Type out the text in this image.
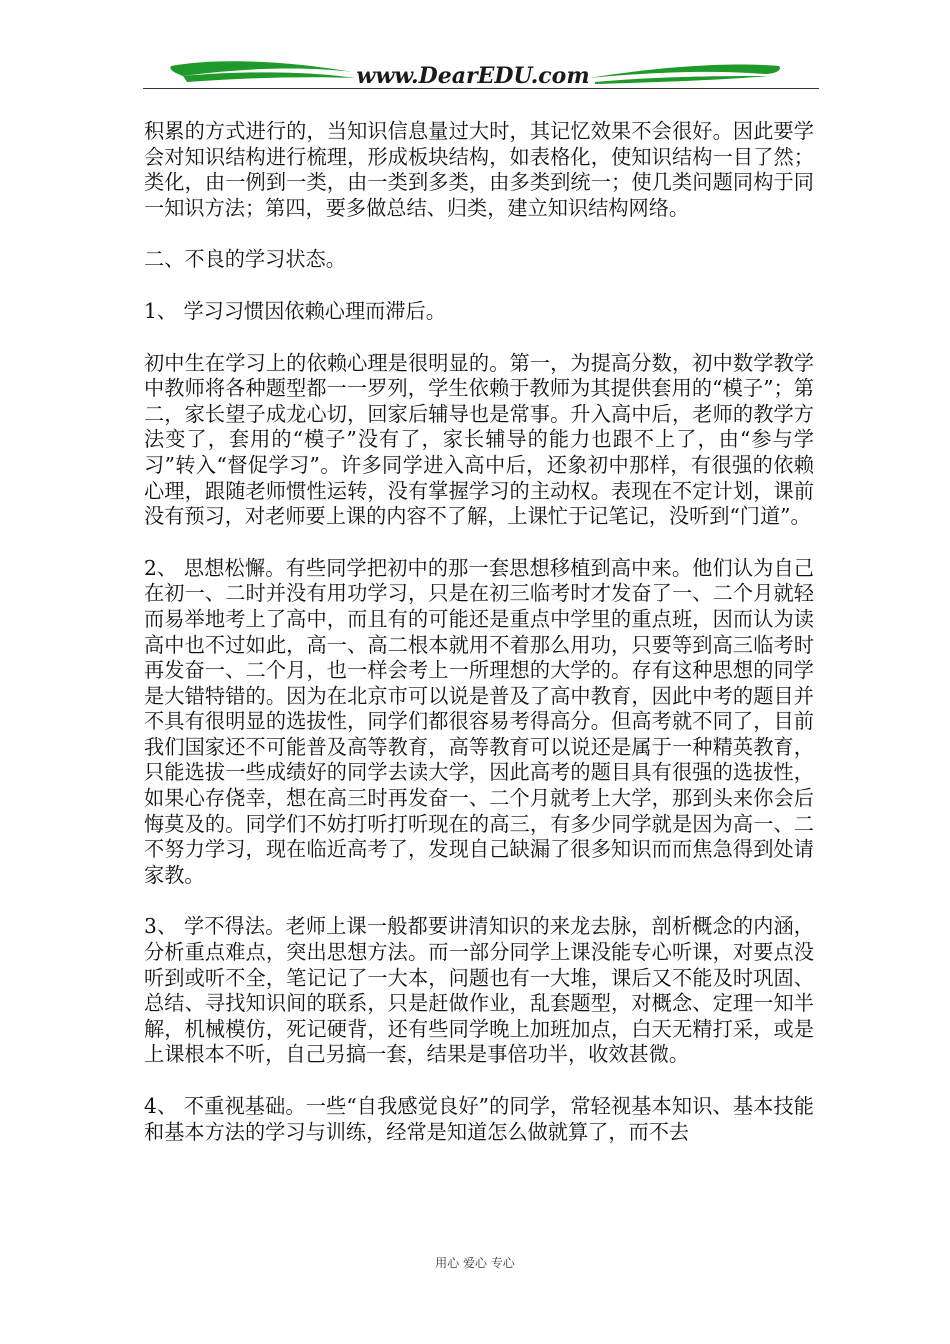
www.DearEDU.com

积累的方式进行的，当知识信息量过大时，其记忆效果不会很好。因此要学会对知识结构进行梳理，形成板块结构，如表格化，使知识结构一目了然；类化，由一例到一类，由一类到多类，由多类到统一；使几类问题同构于同一知识方法；第四，要多做总结、归类，建立知识结构网络。

二、不良的学习状态。

1、 学习习惯因依赖心理而滞后。

初中生在学习上的依赖心理是很明显的。第一，为提高分数，初中数学教学中教师将各种题型都一一罗列，学生依赖于教师为其提供套用的“模子”；第二，家长望子成龙心切，回家后辅导也是常事。升入高中后，老师的教学方法变了，套用的“模子”没有了，家长辅导的能力也跟不上了，由“参与学习”转入“督促学习”。许多同学进入高中后，还象初中那样，有很强的依赖心理，跟随老师惯性运转，没有掌握学习的主动权。表现在不定计划，课前没有预习，对老师要上课的内容不了解，上课忙于记笔记，没听到“门道”。

2、 思想松懈。有些同学把初中的那一套思想移植到高中来。他们认为自己在初一、二时并没有用功学习，只是在初三临考时才发奋了一、二个月就轻而易举地考上了高中，而且有的可能还是重点中学里的重点班，因而认为读高中也不过如此，高一、高二根本就用不着那么用功，只要等到高三临考时再发奋一、二个月，也一样会考上一所理想的大学的。存有这种思想的同学是大错特错的。因为在北京市可以说是普及了高中教育，因此中考的题目并不具有很明显的选拔性，同学们都很容易考得高分。但高考就不同了，目前我们国家还不可能普及高等教育，高等教育可以说还是属于一种精英教育，只能选拔一些成绩好的同学去读大学，因此高考的题目具有很强的选拔性，如果心存侥幸，想在高三时再发奋一、二个月就考上大学，那到头来你会后悔莫及的。同学们不妨打听打听现在的高三，有多少同学就是因为高一、二不努力学习，现在临近高考了，发现自己缺漏了很多知识而而焦急得到处请家教。

3、 学不得法。老师上课一般都要讲清知识的来龙去脉，剖析概念的内涵，分析重点难点，突出思想方法。而一部分同学上课没能专心听课，对要点没听到或听不全，笔记记了一大本，问题也有一大堆，课后又不能及时巩固、总结、寻找知识间的联系，只是赶做作业，乱套题型，对概念、定理一知半解，机械模仿，死记硬背，还有些同学晚上加班加点，白天无精打采，或是上课根本不听，自己另搞一套，结果是事倍功半，收效甚微。

4、 不重视基础。一些“自我感觉良好”的同学，常轻视基本知识、基本技能和基本方法的学习与训练，经常是知道怎么做就算了，而不去

用心 爱心 专心
